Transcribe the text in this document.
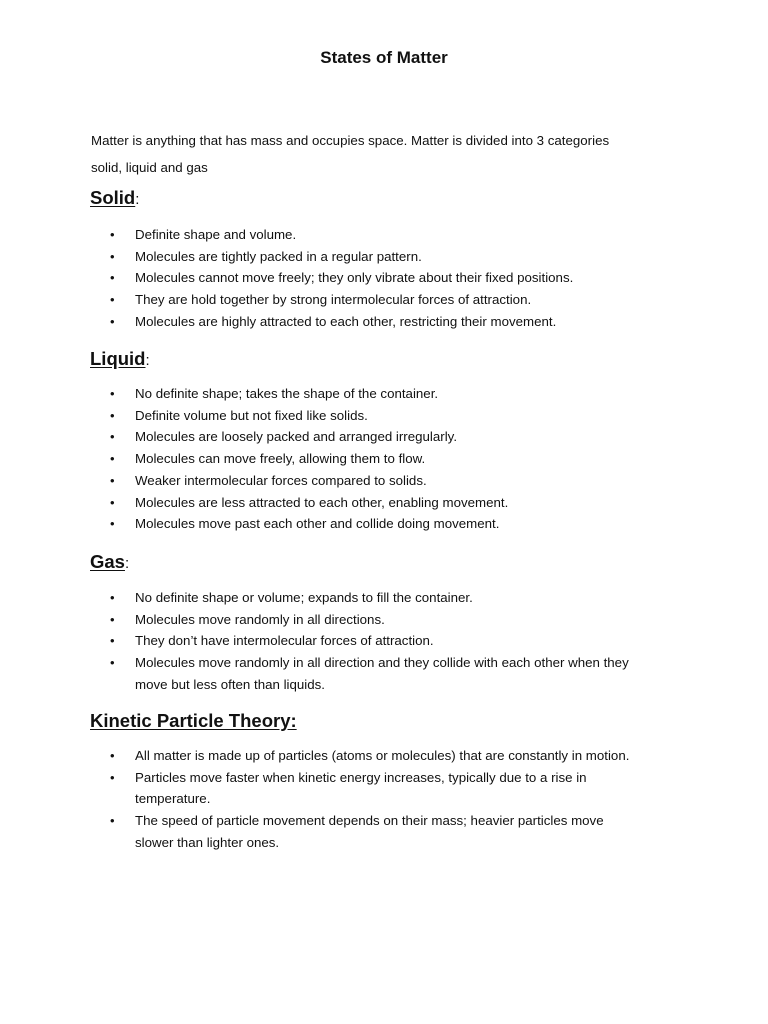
States of Matter
Matter is anything that has mass and occupies space. Matter is divided into 3 categories
solid, liquid and gas
Solid:
• Definite shape and volume.
• Molecules are tightly packed in a regular pattern.
• Molecules cannot move freely; they only vibrate about their fixed positions.
• They are hold together by strong intermolecular forces of attraction.
• Molecules are highly attracted to each other, restricting their movement.
Liquid:
• No definite shape; takes the shape of the container.
• Definite volume but not fixed like solids.
• Molecules are loosely packed and arranged irregularly.
• Molecules can move freely, allowing them to flow.
• Weaker intermolecular forces compared to solids.
• Molecules are less attracted to each other, enabling movement.
• Molecules move past each other and collide doing movement.
Gas:
• No definite shape or volume; expands to fill the container.
• Molecules move randomly in all directions.
• They don’t have intermolecular forces of attraction.
• Molecules move randomly in all direction and they collide with each other when they move but less often than liquids.
Kinetic Particle Theory:
• All matter is made up of particles (atoms or molecules) that are constantly in motion.
• Particles move faster when kinetic energy increases, typically due to a rise in temperature.
• The speed of particle movement depends on their mass; heavier particles move slower than lighter ones.
